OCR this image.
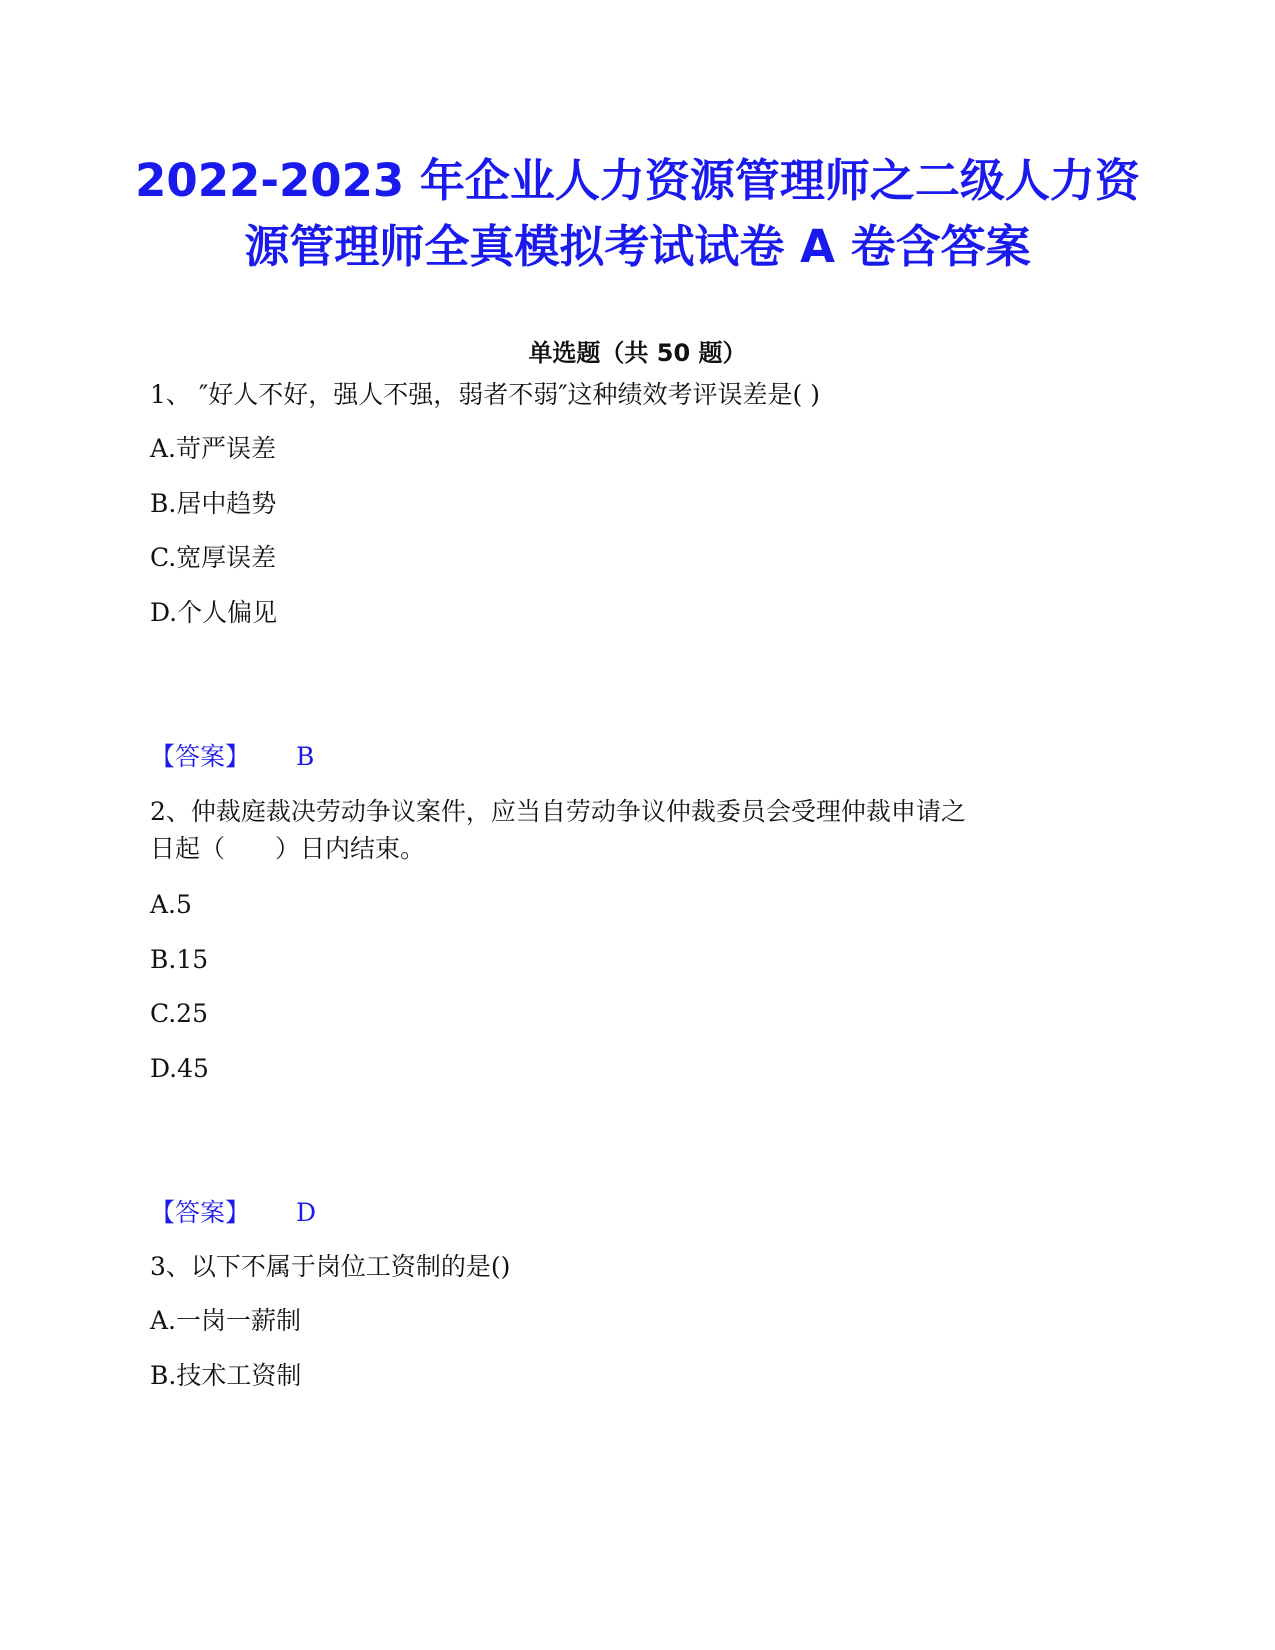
2022-2023 年企业人力资源管理师之二级人力资源管理师全真模拟考试试卷 A 卷含答案

单选题（共 50 题）

1、 ″好人不好，强人不强，弱者不弱″这种绩效考评误差是( )

A.苛严误差

B.居中趋势

C.宽厚误差

D.个人偏见

【答案】 B

2、仲裁庭裁决劳动争议案件，应当自劳动争议仲裁委员会受理仲裁申请之

日起（　　）日内结束。

A.5

B.15

C.25

D.45

【答案】 D

3、以下不属于岗位工资制的是()

A.一岗一薪制

B.技术工资制
